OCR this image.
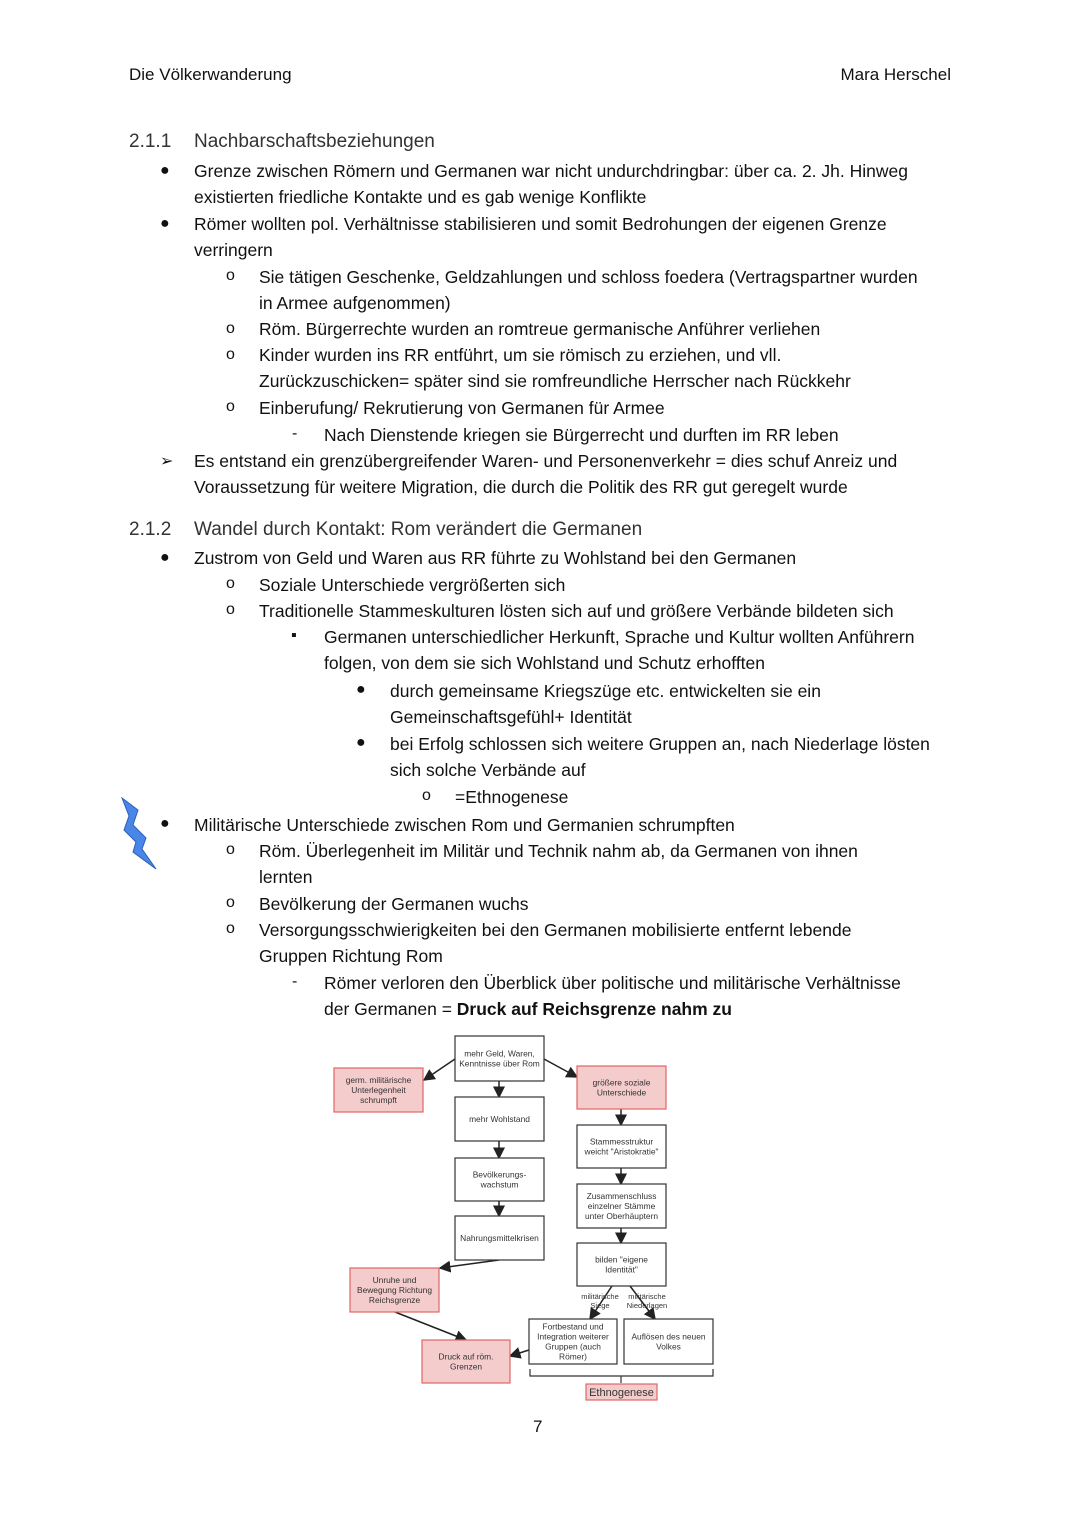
Die Völkerwanderung	Mara Herschel
2.1.1 Nachbarschaftsbeziehungen
● Grenze zwischen Römern und Germanen war nicht undurchdringbar: über ca. 2. Jh. Hinweg
existierten friedliche Kontakte und es gab wenige Konflikte
● Römer wollten pol. Verhältnisse stabilisieren und somit Bedrohungen der eigenen Grenze
verringern
o Sie tätigen Geschenke, Geldzahlungen und schloss foedera (Vertragspartner wurden
in Armee aufgenommen)
o Röm. Bürgerrechte wurden an romtreue germanische Anführer verliehen
o Kinder wurden ins RR entführt, um sie römisch zu erziehen, und vll.
Zurückzuschicken= später sind sie romfreundliche Herrscher nach Rückkehr
o Einberufung/ Rekrutierung von Germanen für Armee
- Nach Dienstende kriegen sie Bürgerrecht und durften im RR leben
➢ Es entstand ein grenzübergreifender Waren- und Personenverkehr = dies schuf Anreiz und
Voraussetzung für weitere Migration, die durch die Politik des RR gut geregelt wurde
2.1.2 Wandel durch Kontakt: Rom verändert die Germanen
● Zustrom von Geld und Waren aus RR führte zu Wohlstand bei den Germanen
o Soziale Unterschiede vergrößerten sich
o Traditionelle Stammeskulturen lösten sich auf und größere Verbände bildeten sich
▪ Germanen unterschiedlicher Herkunft, Sprache und Kultur wollten Anführern
folgen, von dem sie sich Wohlstand und Schutz erhofften
● durch gemeinsame Kriegszüge etc. entwickelten sie ein
Gemeinschaftsgefühl+ Identität
● bei Erfolg schlossen sich weitere Gruppen an, nach Niederlage lösten
sich solche Verbände auf
o =Ethnogenese
● Militärische Unterschiede zwischen Rom und Germanien schrumpften
o Röm. Überlegenheit im Militär und Technik nahm ab, da Germanen von ihnen
lernten
o Bevölkerung der Germanen wuchs
o Versorgungsschwierigkeiten bei den Germanen mobilisierte entfernt lebende
Gruppen Richtung Rom
- Römer verloren den Überblick über politische und militärische Verhältnisse
der Germanen = Druck auf Reichsgrenze nahm zu
mehr Geld, Waren,
Kenntnisse über Rom
germ. militärische
Unterlegenheit
schrumpft
größere soziale
Unterschiede
mehr Wohlstand
Stammesstruktur
weicht "Aristokratie"
Bevölkerungs-
wachstum
Zusammenschluss
einzelner Stämme
unter Oberhäuptern
Nahrungsmittelkrisen
bilden "eigene
Identität"
Unruhe und
Bewegung Richtung
Reichsgrenze
Fortbestand und
Integration weiterer
Gruppen (auch
Römer)
Auflösen des neuen
Volkes
Druck auf röm.
Grenzen
Ethnogenese
militärische
Siege
militärische
Niederlagen
7
